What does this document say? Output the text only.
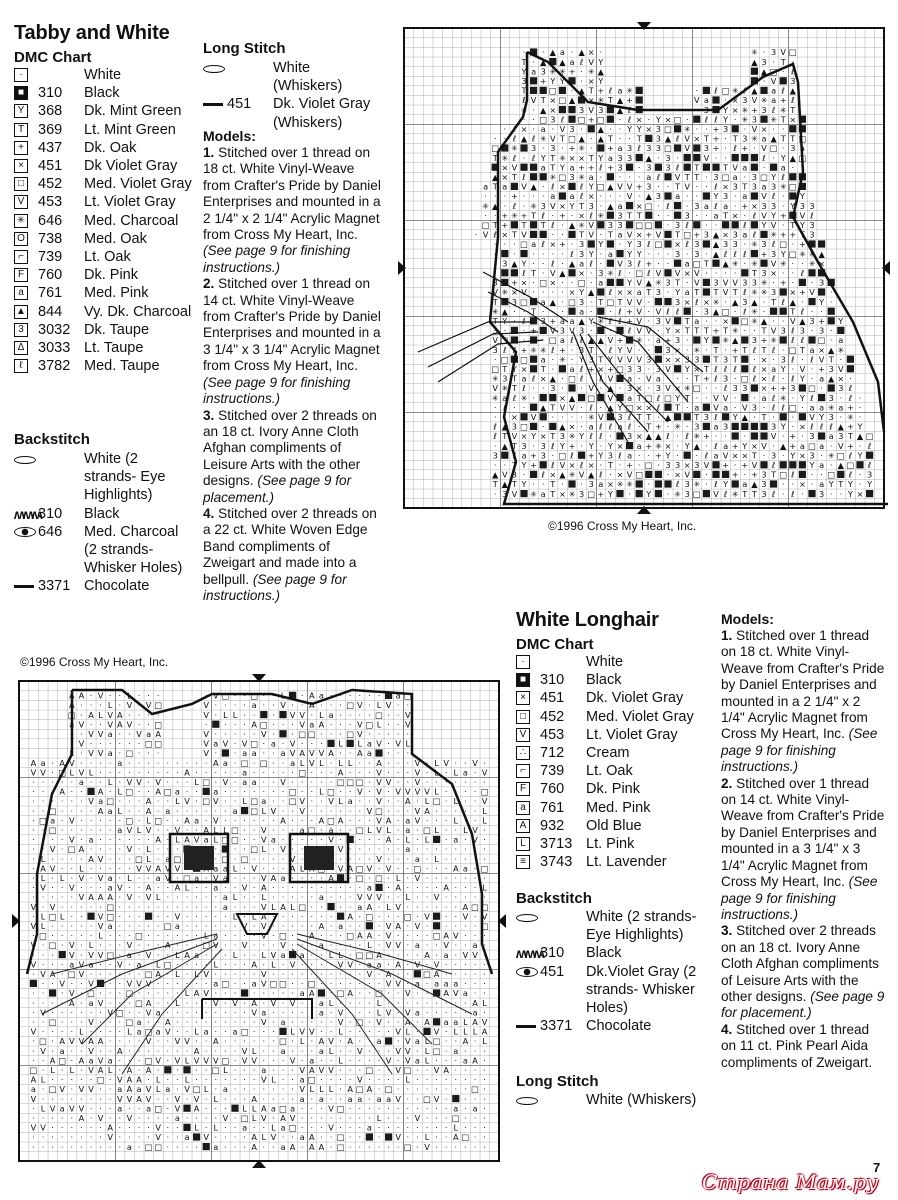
Tabby and White
DMC Chart
·	White
■ 310 Black
Y 368 Dk. Mint Green
T 369 Lt. Mint Green
+ 437 Dk. Oak
× 451 Dk Violet Gray
□ 452 Med. Violet Gray
V 453 Lt. Violet Gray
✳ 646 Med. Charcoal
O 738 Med. Oak
⌐ 739 Lt. Oak
F 760 Dk. Pink
a 761 Med. Pink
▲ 844 Vy. Dk. Charcoal
3 3032 Dk. Taupe
Δ 3033 Lt. Taupe
ℓ	3782 Med. Taupe
Backstitch
White (2 strands- Eye Highlights)
ʍʍʍ
310 Black
646 Med. Charcoal (2 strands- Whisker Holes)
3371 Chocolate
Long Stitch
White (Whiskers)
451 Dk. Violet Gray (Whiskers)
Models:

1. Stitched over 1 thread on 18 ct. White Vinyl-Weave from Crafter's Pride by Daniel Enterprises and mounted in a 2 1/4" x 2 1/4" Acrylic Magnet from Cross My Heart, Inc. (See page 9 for finishing instructions.)

2. Stitched over 1 thread on 14 ct. White Vinyl-Weave from Crafter's Pride by Daniel Enterprises and mounted in a 3 1/4" x 3 1/4" Acrylic Magnet from Cross My Heart, Inc. (See page 9 for finishing instructions.)

3. Stitched over 2 threads on an 18 ct. Ivory Anne Cloth Afghan compliments of Leisure Arts with the other designs. (See page 9 for placement.)

4. Stitched over 2 threads on a 22 ct. White Woven Edge Band compliments of Zweigart and made into a bellpull. (See page 9 for instructions.)

· · ▲ a · ▲ × ·	✳ · 3 V □
T · ▲ ▲ a ℓ V Y	▲ 3 · T ·
Y a 3 ✳ ✳ + · ✳ ▲	▲ □ · ℓ
3 + Y Y · × Y	· V 3
T	□ · ▲ T + ℓ a ✳	· ℓ □ ✳ ℓ ▲ a ℓ ▲
ℓ V T × □ ▲ × ✳ T ▲ +	V a · × 3 V ✳ a + ℓ
✳ · ▲ ×	3 V 3 ▲ ℓ	· 3 Y × ✳ + 3 ℓ ✳ T
· · □ 3 ℓ □ + □ · ℓ × · Y × □ · ℓ ℓ Y · ✳ 3 ✳ T ×
· ℓ × · a · V 3 · ▲ · · Y Y × 3 □ ✳ · · + 3 · V × · ·
· · ℓ ▲ ℓ ✳ V T □ ▲ · ▲ T · · T 3 ▲ ℓ V × T + · T 3 ✳ a ▲ T T □
□ ✳ 3 · 3 · + ✳ · + a 3 ℓ 3 3 □ V 3 + · ℓ + · V □ · 3 a
T ✳ ℓ · ℓ Y T ✳ × × T Y a 3 3 ▲ · 3 ·	V · ·	ℓ · Y ▲ □
× V	a T Y a + + ℓ + 3 · 3 3 ℓ T	T V a · a · ·
▲ × T ℓ	✳ □ 3 ✳ a · · · · a ℓ V T T · 3 □ a · 3 □ Y ℓ
a T a V ▲ · ℓ × ℓ Y □ ▲ V V + 3 · · T V · · ℓ × 3 T 3 a 3 ✳ □
· · · + · · · a a ℓ × · · · V · ▲ 3 a · · Y 3 · a V ℓ · Y
✳ ▲ · ℓ · ✳ 3 V × Y T 3 · ▲ a × □ · ℓ · 3 a ℓ a · + × 3 3 · Y 3 3
· · + ✳ + T ℓ · + · × ℓ ✳ 3 T T · · 3 · · a T × · ℓ V Y + V ℓ
□ T + T T ℓ · ▲ ✳ V 3 3 □ □ · 3 ℓ · ·	ℓ Y V · T Y 3
· V ℓ × T V	· · T V · T a V × + V T □ + 3 ▲ × 3 a ℓ ✳ + + T 3
· · · □ a ℓ × + · 3 Y · Y 3 ℓ □ × ℓ 3 ▲ 3 3 · ✳ 3 ℓ □ · +
· · · · · · ℓ 3 Y · a Y Y · · · 3 · 3 · ▲ ℓ ℓ ℓ + 3 Y □ ✳ ✳ ▲
· 3 ▲ Y · · ℓ · ▲ a ℓ · V 3 ℓ + · · a □ T ▲ ✳ · ✳ V ✳ · · ✳ ×
·	ℓ T · V ▲ × · 3 ✳ ℓ · □ ℓ V V × V · · · · T 3 × · · ℓ
3 + × · □ × · · □ · a	Y V ▲ ✳ 3 T · V 3 V V 3 3 ✳ · + · · 3
V ✳ × V · · · · × Y ▲ ℓ × × a T 3 · Y a T T V T ℓ ✳ ✳ 3 × + V ·
T 3 □ a ▲ · □ 3 · T □ T V V ·	3 × ℓ × ✳ · ▲ 3 ▲ · T ℓ ▲ · Y ·
✳ ▲ · · T · · · a · · ℓ + V · V ℓ ℓ · 3 ▲ □ · ℓ ✳ ·	T ℓ · ·
T Y · ℓ 3 + a a ▲ Y ✳ ℓ ℓ + V · 3 V T a · · × □ ✳ ▲ · · V ▲ 3 + Y
3 · · + V 3 V 3 · · ℓ V V · Y × T T T + T ✳ · · T V 3 ℓ 3 · 3 ·
V □ · · □ a ℓ ℓ ▲ ▲ V + ✳ · a + 3 · Y ✳ ▲ 3 + ✳ ℓ ℓ □ · a
3 ℓ ℓ + ✳ ✳ ℓ + · 3 T · ℓ Y V · · 3 × · ✳ · T · + T ℓ T ℓ · □ T a × ▲ ✳
· □ □ a · ✳ · Y 3 T Y V V V 3 × × 3 3 T 3 T · × · 3 ℓ · ℓ V T ·
□ T Y × T · a ℓ + × + □ 3 3 · 3 V Y × T ℓ ℓ ℓ ℓ × a Y · V · + 3 V
✳ 3 T a ℓ × ▲ · □ ℓ · ℓ V a · V a · · · T + ℓ 3 · □ ℓ × ℓ · ℓ Y · a ▲ × ·
V ✳ T ℓ · · 3 · · V · ▲ · 3 × · 3 V × ✳ □ · · ℓ 3 3 × + + 3 □ · 3 ℓ
✳ a ℓ ✳ ·	× ▲ □ V a T □ ℓ □ Y T · · V V · · a ℓ ✳ · Y ℓ 3 · ℓ ·
· ℓ · · ▲ T V V · ℓ · ▲ Y □ × × ℓ T · a V a · V 3 · ℓ ℓ □ · a a ✳ a + ·
· · × V · · · · ✳ V 3 ℓ T T · ▲	T 3 ℓ Y ▲ · T · · V Y 3 · ✳ ·
ℓ ▲ 3 □ · ▲ × · a ℓ ℓ a ℓ · T + · ✳ · 3 a 3	3 Y · × ℓ ℓ ℓ ▲ + Y
ℓ T V × Y × T 3 ✳ Y ℓ ℓ · 3 × ▲ ▲ ℓ · ℓ ✳ + · · ·	V · + · 3 a 3 T ▲ □
· ▲ T 3 · 3 ℓ Y + · Y · Y × a + ✳ × · Y ▲ · ℓ a + Y × V · ▲ + a □ a · V + · ℓ
3 ℓ a + 3 · □ ℓ + Y 3 ℓ a · · + Y · · ℓ a V × × T · 3 · Y × 3 · ✳ □ ℓ Y
· · T Y + ℓ V × ℓ × · T · + · □ · 3 3 × 3 V + · + V ℓ	Y a · ▲ □ ℓ
▲ V 3 · ℓ × ▲ ✳ V ▲ ℓ · × V □	· × V ·	+ · + 3 T □ ℓ · · □ ℓ · 3
T ▲ T Y · · T · · 3 a × ✳ ✳ ·	ℓ 3 ✳ · ℓ Y a ▲ 3 · · × · a Y T Y · Y
· 3 V ✳ a T × ✳ 3 □ + Y · Y · ✳ 3 □ V ℓ ✳ T T 3 ℓ · ℓ · 3 · · Y ×
©1996 Cross My Heart, Inc.
White Longhair
DMC Chart
·	White
■ 310 Black
× 451 Dk. Violet Gray
□ 452 Med. Violet Gray
V 453 Lt. Violet Gray
∴ 712 Cream
⌐ 739 Lt. Oak
F 760 Dk. Pink
a 761 Med. Pink
A 932 Old Blue
L 3713 Lt. Pink
≡ 3743 Lt. Lavender
Backstitch
White (2 strands- Eye Highlights)
ʍʍʍ
310 Black
451 Dk.Violet Gray (2 strands- Whisker Holes)
3371 Chocolate
Long Stitch
White (Whiskers)
Models:

1. Stitched over 1 thread on 18 ct. White Vinyl-Weave from Crafter's Pride by Daniel Enterprises and mounted in a 2 1/4" x 2 1/4" Acrylic Magnet from Cross My Heart, Inc. (See page 9 for finishing instructions.)

2. Stitched over 1 thread on 14 ct. White Vinyl-Weave from Crafter's Pride by Daniel Enterprises and mounted in a 3 1/4" x 3 1/4" Acrylic Magnet from Cross My Heart, Inc. (See page 9 for finishing instructions.)

3. Stitched over 2 threads on an 18 ct. Ivory Anne Cloth Afghan compliments of Leisure Arts with the other designs. (See page 9 for placement.)

4. Stitched over 1 thread on 11 ct. Pink Pearl Aida compliments of Zweigart.

©1996 Cross My Heart, Inc.
A A · V · · L · · ·	· V □ · · □ · · L · A a · · · · · · a □
A · · · L · V · V □	V · · · · a · · V · · A · · · □ V · L V · ·
□ · A L V A · · · ·	V · L L · · · V V · L a · · · · □ · · V
a V · · V A V · · □	· · · · A □ · · · V a A · · · V □ L · · V
· · V V a · · V a A	V · · · · · V · · □ □ · · · □ V · · · · ·
· V · · · · · · □ □	V a V · V □ · a · V · · · L L a V · V L
L · V V a · □ · · ·	V · · a a · · a V A V V A · · A a · · ·
A a · A V · · · · a · · · · · · · · · A a · □ · □ · · a L V L · L L · · A · · · V · L V · · V ·
V V · □ L V L · · · · · · · · · A · · · · · a · · · · · □ · · · A · · · V · · · V · L · L a · V
· · · · · a · · L · V V · V · · · L □ · V · a a · · V · · · · · □ □ □ · V V · · V · · · · · · ·
· · · A · · A · L □ · · A □ a · · a · · · · · · · □ · · L □ · · V · V · V V V V L · · · · □
· · · · · · V a □ · · · A · · L V · □ V · · L □ a · · □ V · · V L a · · V · · A · L □ · L · · V
· · □ · · · · A a L · · A · a · · · · · · a □ L V · · V · · · · · · V □ · · · V A · · · · · L
· □ a · V · · · · · □ · L □ · · A a · V · · · · · · A · · · A □ A · · · V A · a V · · · L · · L
· · □ · · · · · · a V L V · · V · · A L L □ · · V · · · a □ · a · · □ L V L · a · □ L · · L V ·
· · · · V · a · · · · · · A · L A V a L □ □ · · V a · · · · · V · · · · A · L · L · a · V ·
· · V · □ A · · · · V · L · · ·	· · · □ L · V · ·	V · · · · · · a · · · · · · · ·
· L · · · · A V · · · □ L · a □	· □ · □ · · · · V ·	· · · · V · · · a · L · · · · ·
· A V · · L · · · · · V V A V V	a a L · V · · · A L	V A □ V · V · · □ · · · A a · □
· L · L · V · V a · L · · a V · □ a · V a · · · V A a · · · · A · □ · □ · L · V · · · · · · ·
· V · · V · · · a V · · A · · A L · · a · · V · A · · · · · · · · · · a · A · · · · A · · · L
· · · · · V A A A · V · V L · · · · · · a L · · L · · · · · a · · · V V V · · L · · V · · · · ·
V · V · · · · · □ · · · · · · · · · · · a · · · V L A L □ · · · · a A · L V · · · · · · A □ □
· L □ L · · V □ · · · · · V · · · · · L · L A · · · · · · · A · □ · · · □ · V · · V · V
V L · · · · · V a · · · · · □ a · · · · · · V · V · · · · · A · a · · · V A · V · · · · · □
· □ · · · · · L · · · □ · · · · · · L a · · · · V · □ · · A · · · □ A A · V · · · · □ A V · · ·
V · □ · V · L · · · V · · · A · · · □ V · · V · · · V · · · a · · · · L · V V · a · · V · · a ·
· · · V · V V □ · a · V · · L A a · · · L · · L V a a · · L L · □ □ A · · · · A · a · V V ·
V · · · a V a · · V · a · L □ · · · · L · · · A · L · V · · · · V V · a a · A · V · V · · · · ·
· V A · □ V · · · · · · □ A · L · L V · · · · · V · · · · · · · · · · V · A · · □ A · · · · ·
· · V · · V · · V V V · · · · · · a □ · · a V □ □ · · □ · · · · · · · V V · a · a a a · · ·
· · · V · □ · · · □ · · · · · L A V · · · · · · · · a A · □ A · · □ · · V · · A V a · ·
· · · · A · a V · · · □ A · · L · · · V · V · A · V · V · · a L · · · · L · · · · · · · · · A L
· V · · · · · · V □ · · V a · · · · · · · · · V a · · · · · a · V · · · L V · V a · · · · · a ·
· · □ · · · V · · · □ a · · A · · · · · · · · · V · a · · · · · V · □ · V · · A · A a a L A V
V · · · · L · · · · L a □ a V · · L a · · a □ · · · L V V · · L · · · · · V L · V · L L L A
· □ · A V V A A · · · · V · · V V · · A · · · · · · □ · L · A V · A · · a · V a L □ · · A · L
· V · a · · V · · A · · · · · · · A · · · · V L · · a · · · a L · · V · · · V V · L □ · a · · ·
· · A □ · A a V a · · · □ V · V L V V V □ · V V · · · V · a · · L · · · · V · V a L · · · a A ·
□ · L · L · V A L · A · A · · · · □ L · · · a · · · V A V V · · · □ · · V □ · · V A · · · ·
A L · · · · · □ · V A A · L · · L · · · · · · · V L · · a □ · · · · V · · · · L · · · · · · · ·
a · □ V · V V · · a A a V L a · V □ L · a · · · · · · · V L L L · A □ A · □ · · · · · · · · □ ·
V · · · · · · · · V V A V · · V · V · L · · · A · · · · a · a · · a a · a a V · · □ V · · · ·
· L V a V V · · · a · · a □ · V A · · · L L A a □ a · · · V □ · · · · · · · · · · · a · a ·
· · · · · A · V · · V · · · · a · · · · V · □ L V · A V · · · · · · · · L · · · V · · · □ · · ·
V V · · · · · · A · · · · V · · L · L · · a · · L a □ · · · V · · · a · · · · · · · · L · · ·
· · · · · · · · V · · · · V · · a V · · · · A L V · · a A · · □ · · · V · · L · · A □ · ·
· · · · · · · · · · a · □ □ · · · · a · · · A · · a A · A A · □ · · · · · · □ · V · · · · · ·
7
Страна Мам.ру
